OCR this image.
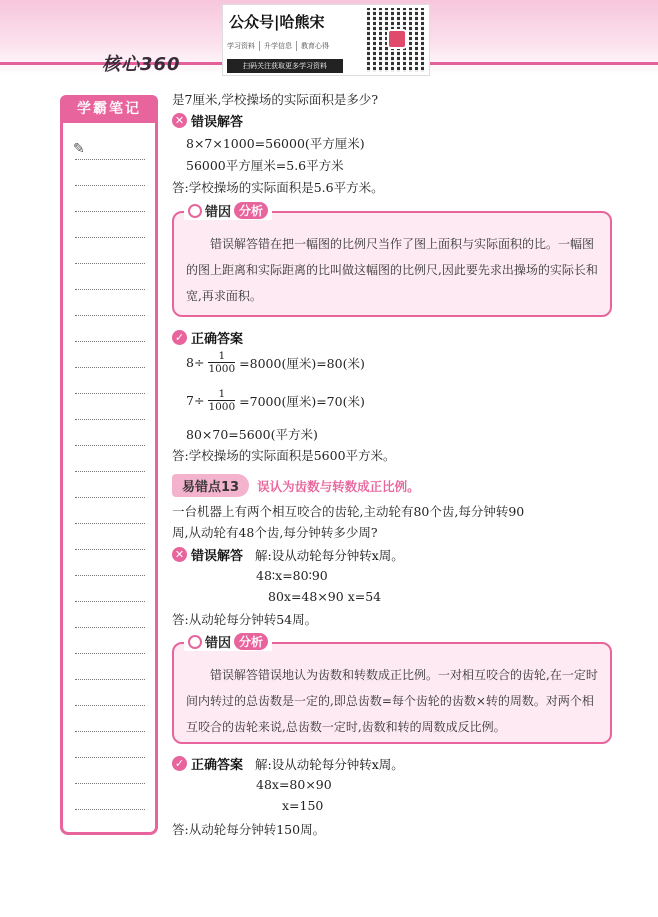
核心360
公众号|哈熊宋
学习资料	升学信息	教育心得
扫码关注获取更多学习资料
学霸笔记
✎
是7厘米,学校操场的实际面积是多少?
✕ 错误解答
8×7×1000=56000(平方厘米)
56000平方厘米=5.6平方米
答:学校操场的实际面积是5.6平方米。

错误解答错在把一幅图的比例尺当作了图上面积与实际面积的比。一幅图的图上距离和实际距离的比叫做这幅图的比例尺,因此要先求出操场的实际长和宽,再求面积。

错因 分析
✓ 正确答案
$8\div \frac{1}{1000} =8000$(厘米)=80(米)
$7\div \frac{1}{1000} =7000$(厘米)=70(米)
80×70=5600(平方米)
答:学校操场的实际面积是5600平方米。
易错点13	误认为齿数与转数成正比例。
一台机器上有两个相互咬合的齿轮,主动轮有80个齿,每分钟转90
周,从动轮有48个齿,每分钟转多少周?
✕ 错误解答 解:设从动轮每分钟转x周。
48∶x=80∶90
80x=48×90 x=54
答:从动轮每分钟转54周。

错误解答错误地认为齿数和转数成正比例。一对相互咬合的齿轮,在一定时间内转过的总齿数是一定的,即总齿数=每个齿轮的齿数×转的周数。对两个相互咬合的齿轮来说,总齿数一定时,齿数和转的周数成反比例。

错因 分析
✓ 正确答案 解:设从动轮每分钟转x周。
48x=80×90
x=150
答:从动轮每分钟转150周。
